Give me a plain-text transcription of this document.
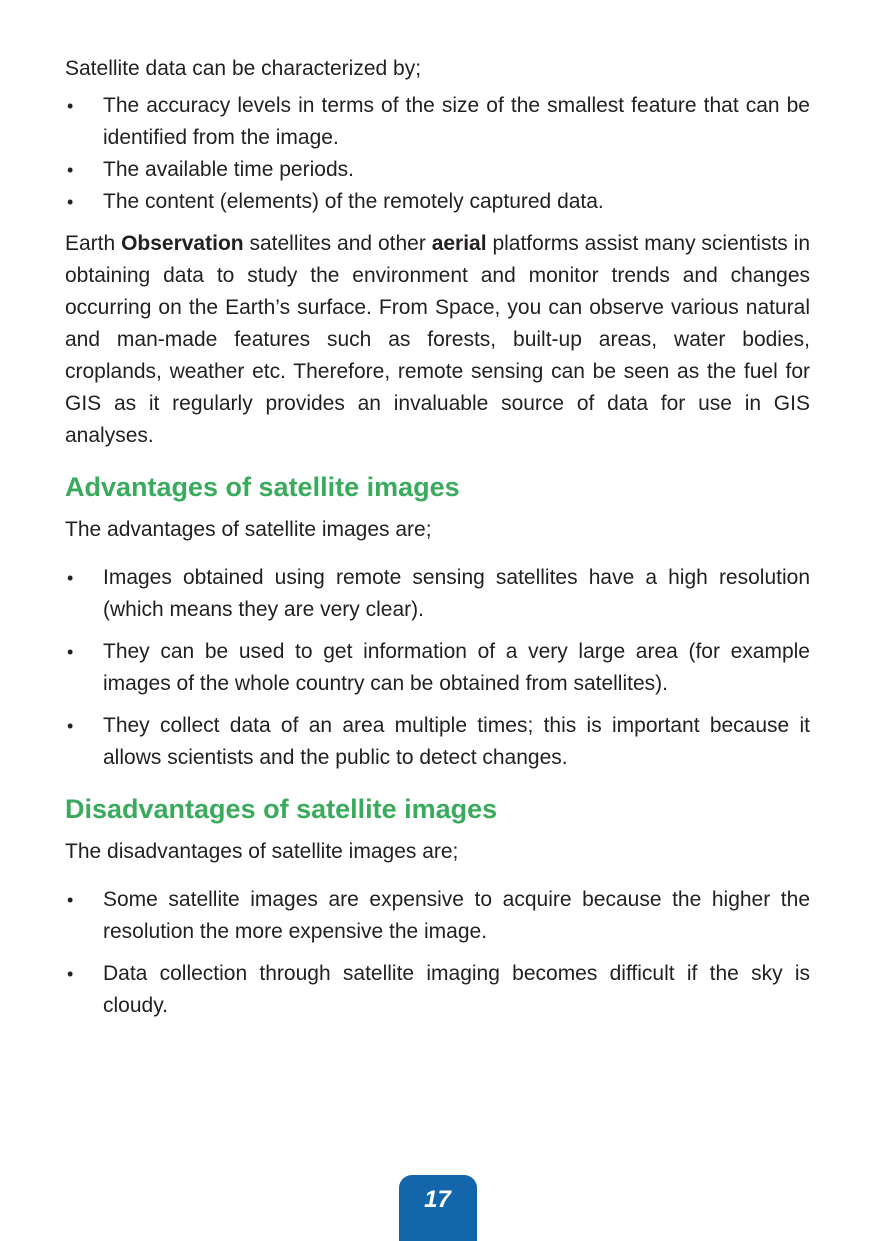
Satellite data can be characterized by;

• The accuracy levels in terms of the size of the smallest feature that can be identified from the image.
• The available time periods.
• The content (elements) of the remotely captured data.

Earth Observation satellites and other aerial platforms assist many scientists in obtaining data to study the environment and monitor trends and changes occurring on the Earth’s surface. From Space, you can observe various natural and man-made features such as forests, built-up areas, water bodies, croplands, weather etc. Therefore, remote sensing can be seen as the fuel for GIS as it regularly provides an invaluable source of data for use in GIS analyses.

Advantages of satellite images

The advantages of satellite images are;

• Images obtained using remote sensing satellites have a high resolution (which means they are very clear).
• They can be used to get information of a very large area (for example images of the whole country can be obtained from satellites).
• They collect data of an area multiple times; this is important because it allows scientists and the public to detect changes.
Disadvantages of satellite images

The disadvantages of satellite images are;

• Some satellite images are expensive to acquire because the higher the resolution the more expensive the image.
• Data collection through satellite imaging becomes difficult if the sky is cloudy.
17
